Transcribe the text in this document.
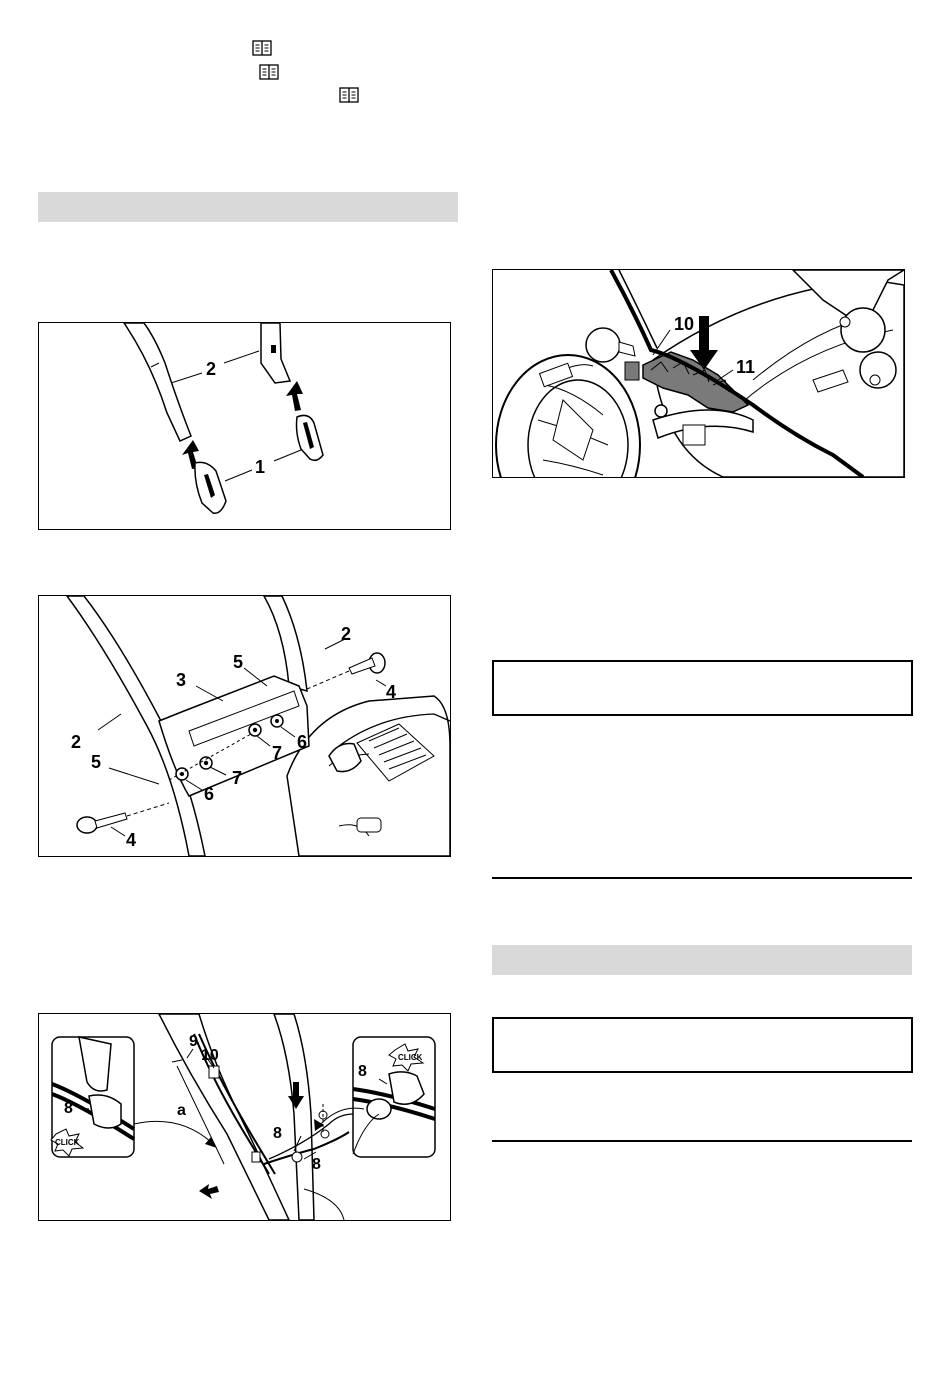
2
1
2
2
3
5
5
4
4
6
6
7
7
CLICK
CLICK
9
10
a
8
8
8
8
10
11
